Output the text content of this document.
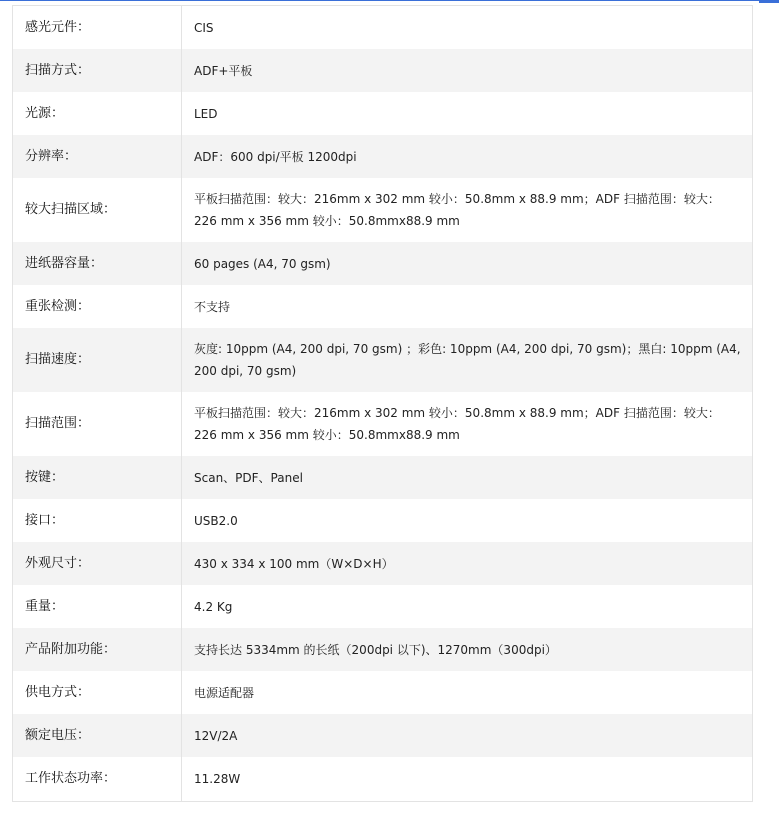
感光元件：	CIS
扫描方式：	ADF+平板
光源：	LED
分辨率：	ADF：600 dpi/平板 1200dpi
较大扫描区域：	平板扫描范围：较大：216mm x 302 mm 较小：50.8mm x 88.9 mm；ADF 扫描范围：较大：226 mm x 356 mm 较小：50.8mmx88.9 mm
进纸器容量：	60 pages (A4, 70 gsm)
重张检测：	不支持
扫描速度：	灰度: 10ppm (A4, 200 dpi, 70 gsm) ；彩色: 10ppm (A4, 200 dpi, 70 gsm)；黑白: 10ppm (A4, 200 dpi, 70 gsm)
扫描范围：	平板扫描范围：较大：216mm x 302 mm 较小：50.8mm x 88.9 mm；ADF 扫描范围：较大：226 mm x 356 mm 较小：50.8mmx88.9 mm
按键：	Scan、PDF、Panel
接口：	USB2.0
外观尺寸：	430 x 334 x 100 mm（W×D×H）
重量：	4.2 Kg
产品附加功能：	支持长达 5334mm 的长纸（200dpi 以下)、1270mm（300dpi）
供电方式：	电源适配器
额定电压：	12V/2A
工作状态功率：	11.28W
